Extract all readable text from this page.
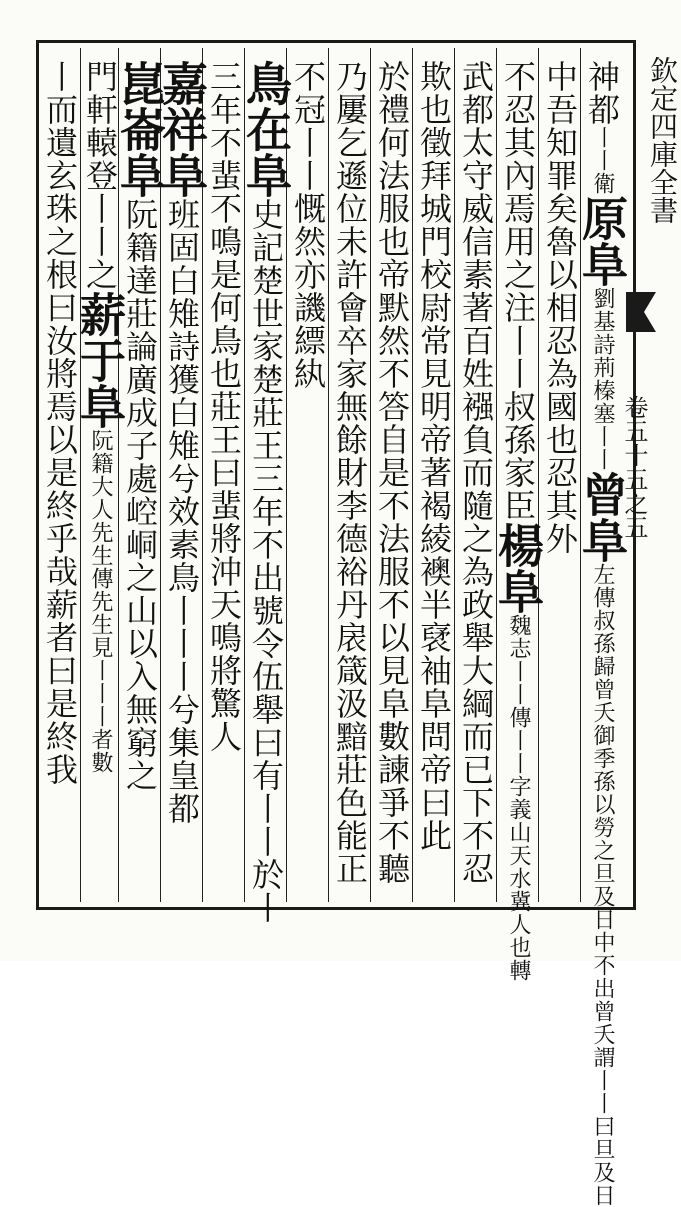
欽定四庫全書
卷五十五之五
神都丨丨衛原阜劉基詩荊榛塞丨丨曾阜左傳叔孫歸曾夭御季孫以勞之旦及日中不出曾夭謂丨丨曰旦及日
中吾知罪矣魯以相忍為國也忍其外
不忍其內焉用之注丨丨叔孫家臣楊阜魏志丨丨傳丨丨字義山天水冀人也轉
武都太守威信素著百姓襁負而隨之為政舉大綱而已下不忍
欺也徵拜城門校尉常見明帝著褐綾襖半裦袖阜問帝曰此
於禮何法服也帝默然不答自是不法服不以見阜數諫爭不聽
乃屢乞遜位未許會卒家無餘財李德裕丹扆箴汲黯莊色能正
不冠丨丨慨然亦譏縹紈
鳥在阜史記楚世家楚莊王三年不出號令伍舉曰有丨丨於丨
三年不蜚不鳴是何鳥也莊王曰蜚將沖天鳴將驚人
嘉祥阜班固白雉詩獲白雉兮效素鳥丨丨丨兮集皇都
崑崙阜阮籍達莊論廣成子處崆峒之山以入無窮之
門軒轅登丨丨之薪于阜阮籍大人先生傳先生見丨丨丨者數
丨而遺玄珠之根曰汝將焉以是終乎哉薪者曰是終我
